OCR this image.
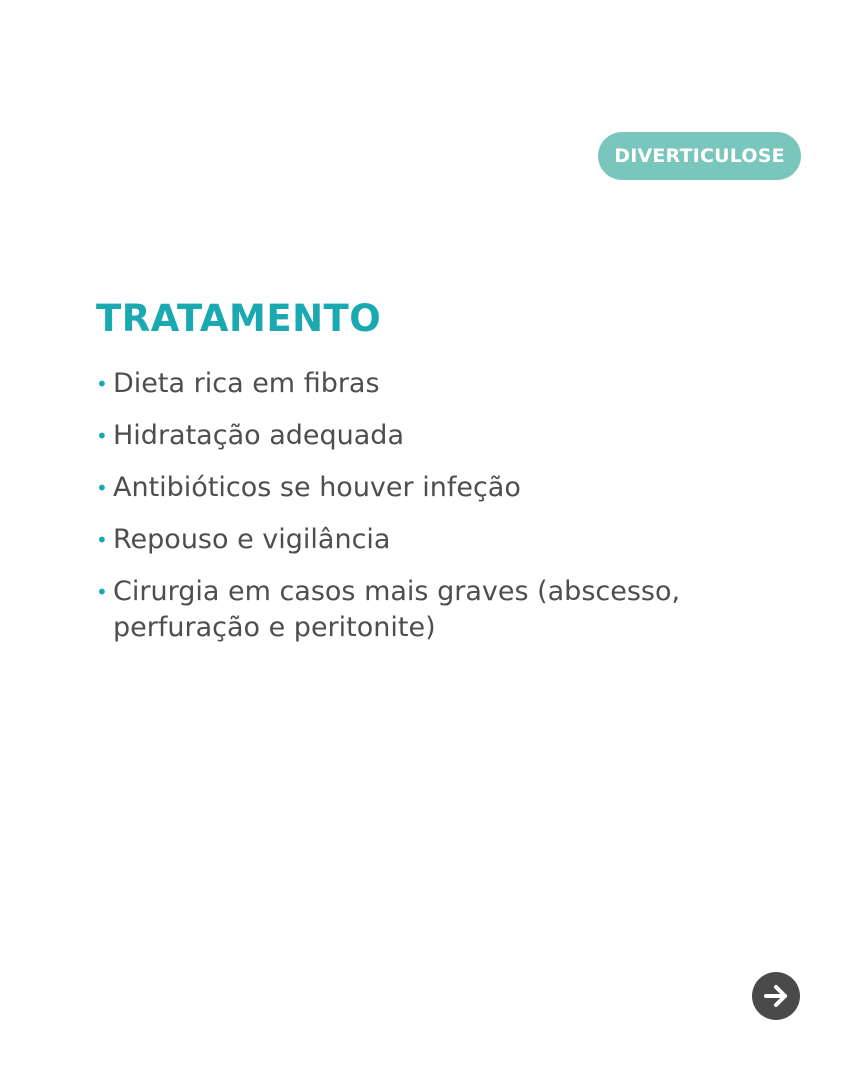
DIVERTICULOSE
TRATAMENTO
• Dieta rica em fibras
• Hidratação adequada
• Antibióticos se houver infeção
• Repouso e vigilância
• Cirurgia em casos mais graves (abscesso, perfuração e peritonite)
